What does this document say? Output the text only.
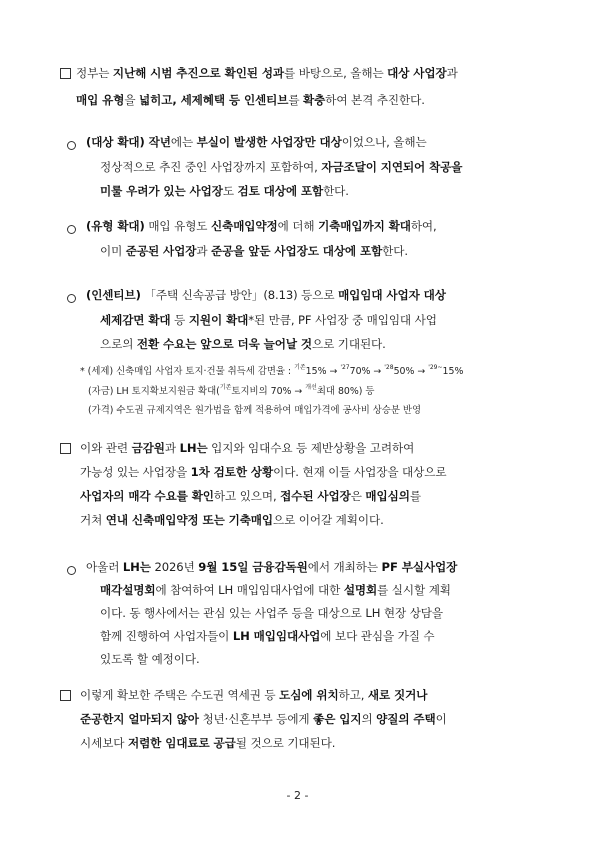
정부는 지난해 시범 추진으로 확인된 성과를 바탕으로, 올해는 대상 사업장과
매입 유형을 넓히고, 세제혜택 등 인센티브를 확충하여 본격 추진한다.
(대상 확대) 작년에는 부실이 발생한 사업장만 대상이었으나, 올해는
정상적으로 추진 중인 사업장까지 포함하여, 자금조달이 지연되어 착공을
미룰 우려가 있는 사업장도 검토 대상에 포함한다.
(유형 확대) 매입 유형도 신축매입약정에 더해 기축매입까지 확대하여,
이미 준공된 사업장과 준공을 앞둔 사업장도 대상에 포함한다.
(인센티브) 「주택 신속공급 방안」(8.13) 등으로 매입임대 사업자 대상
세제감면 확대 등 지원이 확대*된 만큼, PF 사업장 중 매입임대 사업
으로의 전환 수요는 앞으로 더욱 늘어날 것으로 기대된다.
* (세제) 신축매입 사업자 토지·건물 취득세 감면율 : $^{기존}$15% → $^{'27}$70% → $^{'28}$50% → $^{'29\sim}$15%
(자금) LH 토지확보지원금 확대($^{기존}$토지비의 70% → $^{개선}$최대 80%) 등
(가격) 수도권 규제지역은 원가법을 함께 적용하여 매입가격에 공사비 상승분 반영
이와 관련 금감원과 LH는 입지와 임대수요 등 제반상황을 고려하여
가능성 있는 사업장을 1차 검토한 상황이다. 현재 이들 사업장을 대상으로
사업자의 매각 수요를 확인하고 있으며, 접수된 사업장은 매입심의를
거쳐 연내 신축매입약정 또는 기축매입으로 이어갈 계획이다.
아울러 LH는 2026년 9월 15일 금융감독원에서 개최하는 PF 부실사업장
매각설명회에 참여하여 LH 매입임대사업에 대한 설명회를 실시할 계획
이다. 동 행사에서는 관심 있는 사업주 등을 대상으로 LH 현장 상담을
함께 진행하여 사업자들이 LH 매입임대사업에 보다 관심을 가질 수
있도록 할 예정이다.
이렇게 확보한 주택은 수도권 역세권 등 도심에 위치하고, 새로 짓거나
준공한지 얼마되지 않아 청년·신혼부부 등에게 좋은 입지의 양질의 주택이
시세보다 저렴한 임대료로 공급될 것으로 기대된다.
- 2 -
